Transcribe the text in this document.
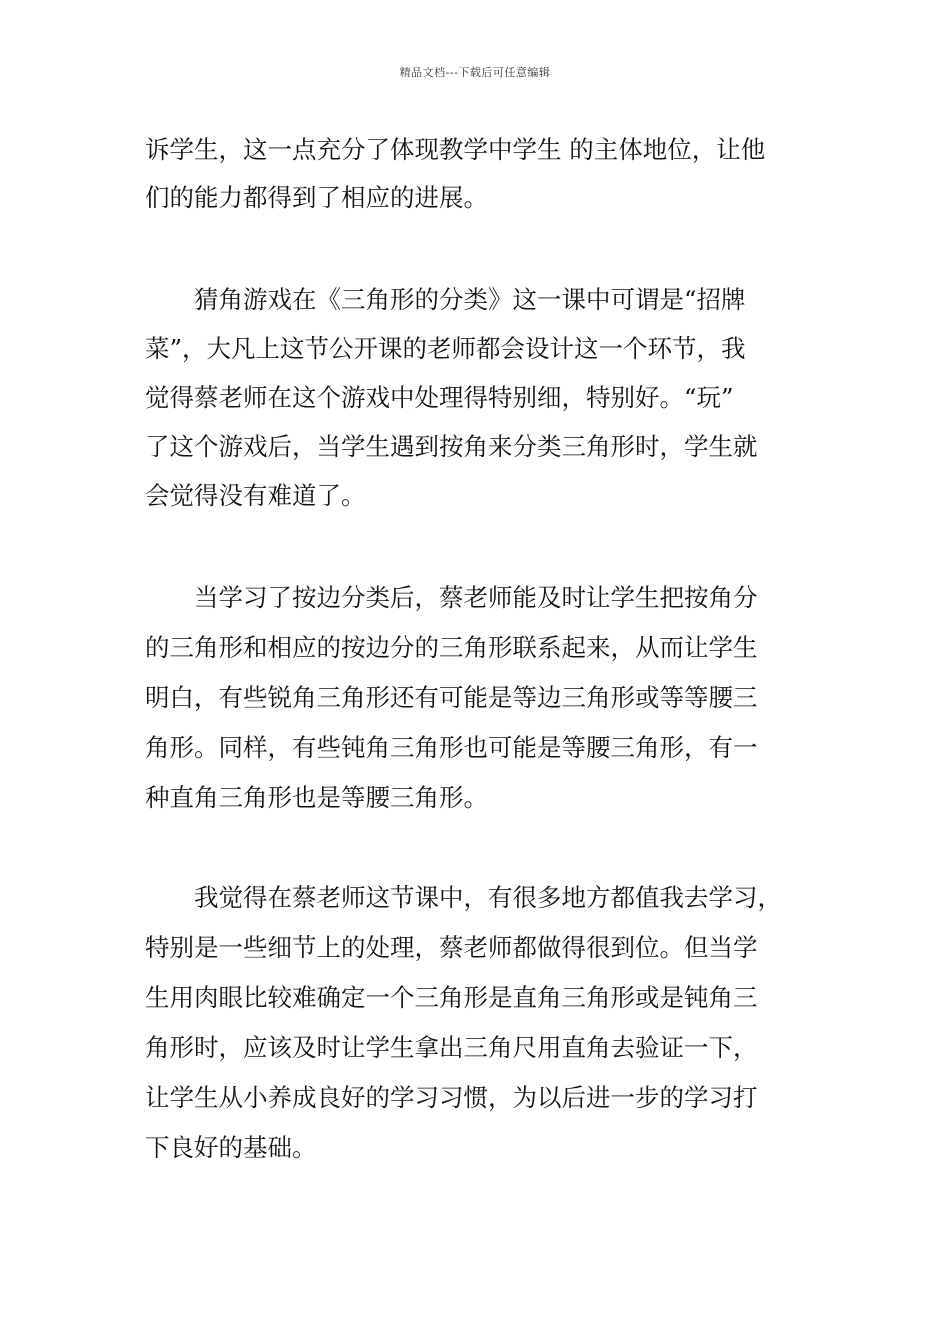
精品文档---下载后可任意编辑
诉学生，这一点充分了体现教学中学生 的主体地位，让他
们的能力都得到了相应的进展。
　　猜角游戏在《三角形的分类》这一课中可谓是“招牌
菜”，大凡上这节公开课的老师都会设计这一个环节，我
觉得蔡老师在这个游戏中处理得特别细，特别好。“玩”
了这个游戏后，当学生遇到按角来分类三角形时，学生就
会觉得没有难道了。
　　当学习了按边分类后，蔡老师能及时让学生把按角分
的三角形和相应的按边分的三角形联系起来，从而让学生
明白，有些锐角三角形还有可能是等边三角形或等等腰三
角形。同样，有些钝角三角形也可能是等腰三角形，有一
种直角三角形也是等腰三角形。
　　我觉得在蔡老师这节课中，有很多地方都值我去学习，
特别是一些细节上的处理，蔡老师都做得很到位。但当学
生用肉眼比较难确定一个三角形是直角三角形或是钝角三
角形时，应该及时让学生拿出三角尺用直角去验证一下，
让学生从小养成良好的学习习惯，为以后进一步的学习打
下良好的基础。
